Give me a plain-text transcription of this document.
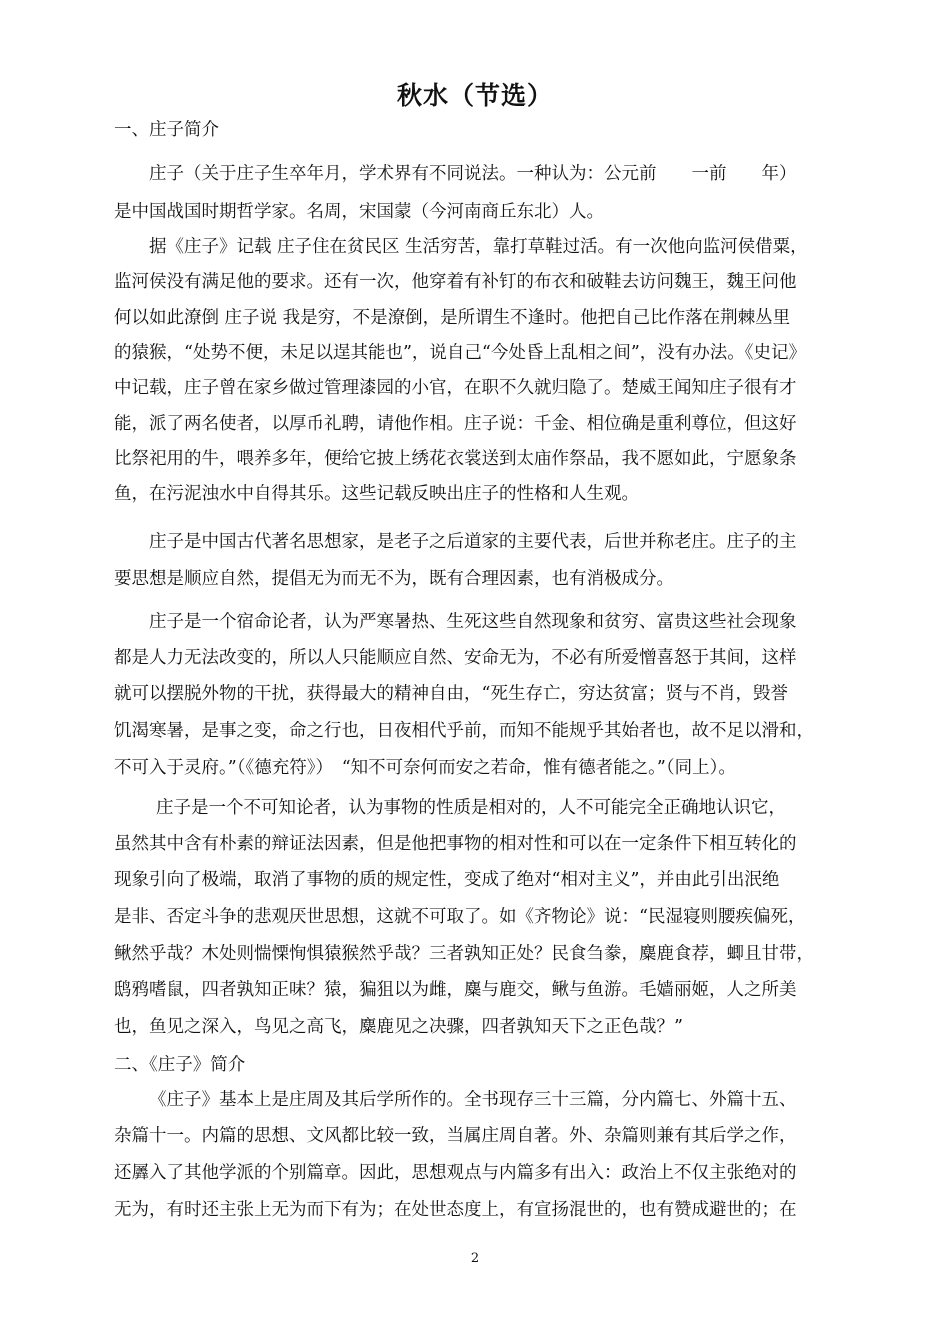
秋水（节选）
一、庄子简介
庄子（关于庄子生卒年月，学术界有不同说法。一种认为：公元前　　一前　　年）
是中国战国时期哲学家。名周，宋国蒙（今河南商丘东北）人。
据《庄子》记载 庄子住在贫民区 生活穷苦，靠打草鞋过活。有一次他向监河侯借粟，
监河侯没有满足他的要求。还有一次，他穿着有补钉的布衣和破鞋去访问魏王，魏王问他
何以如此潦倒 庄子说 我是穷，不是潦倒，是所谓生不逢时。他把自己比作落在荆棘丛里
的猿猴，“处势不便，未足以逞其能也”，说自己“今处昏上乱相之间”，没有办法。《史记》
中记载，庄子曾在家乡做过管理漆园的小官，在职不久就归隐了。楚威王闻知庄子很有才
能，派了两名使者，以厚币礼聘，请他作相。庄子说：千金、相位确是重利尊位，但这好
比祭祀用的牛，喂养多年，便给它披上绣花衣裳送到太庙作祭品，我不愿如此，宁愿象条
鱼，在污泥浊水中自得其乐。这些记载反映出庄子的性格和人生观。
庄子是中国古代著名思想家，是老子之后道家的主要代表，后世并称老庄。庄子的主
要思想是顺应自然，提倡无为而无不为，既有合理因素，也有消极成分。
庄子是一个宿命论者，认为严寒暑热、生死这些自然现象和贫穷、富贵这些社会现象
都是人力无法改变的，所以人只能顺应自然、安命无为，不必有所爱憎喜怒于其间，这样
就可以摆脱外物的干扰，获得最大的精神自由，“死生存亡，穷达贫富；贤与不肖，毁誉
饥渴寒暑，是事之变，命之行也，日夜相代乎前，而知不能规乎其始者也，故不足以滑和，
不可入于灵府。”（《德充符》）　“知不可奈何而安之若命，惟有德者能之。”（同上）。
庄子是一个不可知论者，认为事物的性质是相对的，人不可能完全正确地认识它，
虽然其中含有朴素的辩证法因素，但是他把事物的相对性和可以在一定条件下相互转化的
现象引向了极端，取消了事物的质的规定性，变成了绝对“相对主义”，并由此引出泯绝
是非、否定斗争的悲观厌世思想，这就不可取了。如《齐物论》说：“民湿寝则腰疾偏死，
鳅然乎哉？木处则惴慄恂惧猿猴然乎哉？三者孰知正处？民食刍豢，麋鹿食荐，蝍且甘带，
鸱鸦嗜鼠，四者孰知正味？猿，猵狙以为雌，麋与鹿交，鳅与鱼游。毛嫱丽姬，人之所美
也，鱼见之深入，鸟见之高飞，麋鹿见之决骤，四者孰知天下之正色哉？”
二、《庄子》简介
《庄子》基本上是庄周及其后学所作的。全书现存三十三篇，分内篇七、外篇十五、
杂篇十一。内篇的思想、文风都比较一致，当属庄周自著。外、杂篇则兼有其后学之作，
还羼入了其他学派的个别篇章。因此，思想观点与内篇多有出入：政治上不仅主张绝对的
无为，有时还主张上无为而下有为；在处世态度上，有宣扬混世的，也有赞成避世的；在
2
